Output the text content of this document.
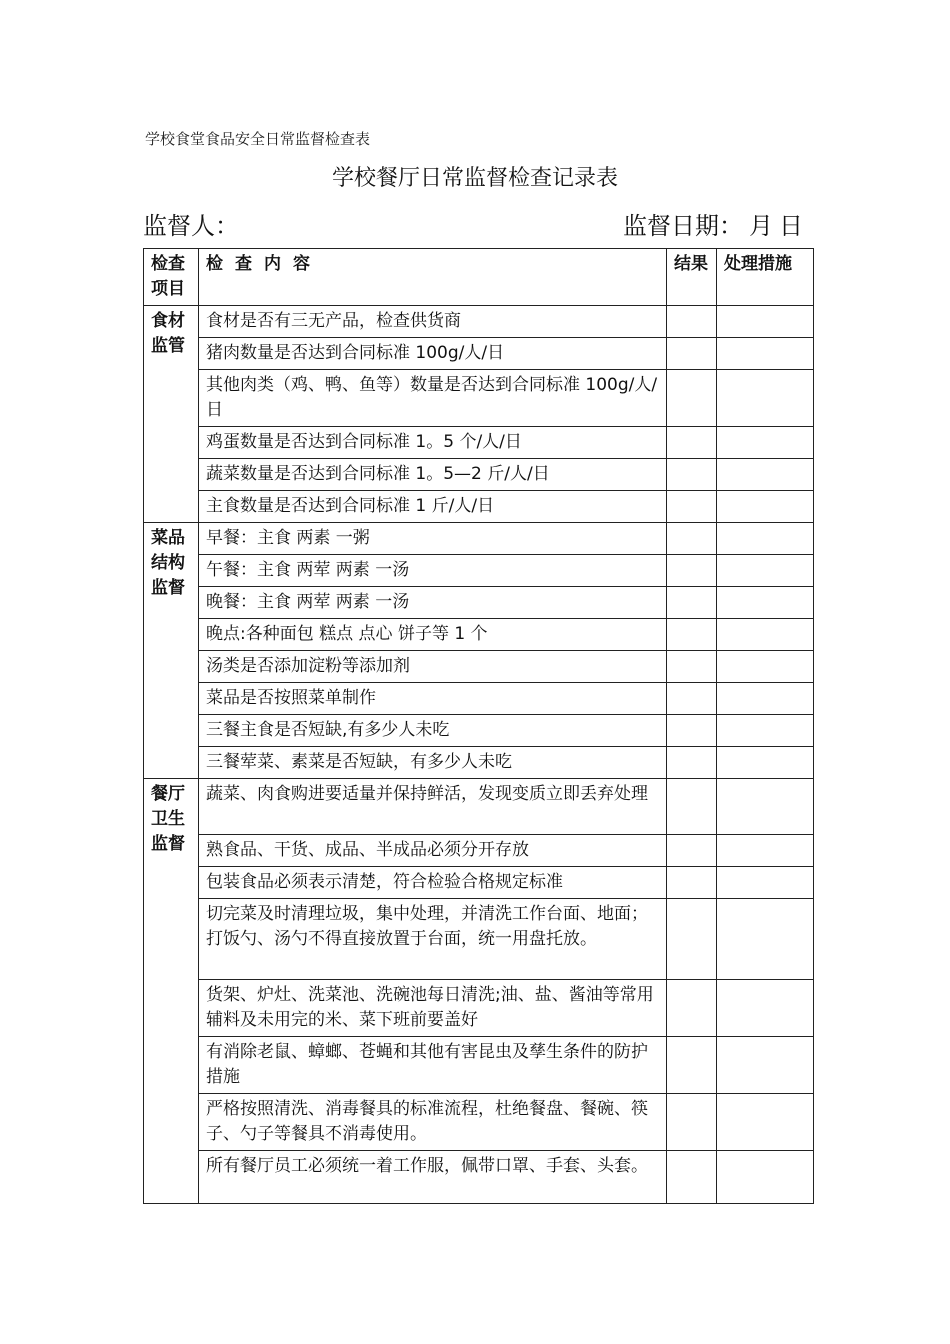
学校食堂食品安全日常监督检查表
学校餐厅日常监督检查记录表
监督人：	监督日期： 月 日
检查
项目	检 查 内 容	结果	处理措施

食材
监管	食材是否有三无产品，检查供货商		
	猪肉数量是否达到合同标准 100g/人/日		
	其他肉类（鸡、鸭、鱼等）数量是否达到合同标准 100g/人/日		
	鸡蛋数量是否达到合同标准 1。5 个/人/日		
	蔬菜数量是否达到合同标准 1。5—2 斤/人/日		
	主食数量是否达到合同标准 1 斤/人/日		

菜品
结构
监督	早餐：主食 两素 一粥		
	午餐：主食 两荤 两素 一汤		
	晚餐：主食 两荤 两素 一汤		
	晚点:各种面包 糕点 点心 饼子等 1 个		
	汤类是否添加淀粉等添加剂		
	菜品是否按照菜单制作		
	三餐主食是否短缺,有多少人未吃		
	三餐荤菜、素菜是否短缺，有多少人未吃		

餐厅
卫生
监督	蔬菜、肉食购进要适量并保持鲜活，发现变质立即丢弃处理		
	熟食品、干货、成品、半成品必须分开存放		
	包装食品必须表示清楚，符合检验合格规定标准		
	切完菜及时清理垃圾，集中处理，并清洗工作台面、地面；打饭勺、汤勺不得直接放置于台面，统一用盘托放。		
	货架、炉灶、洗菜池、洗碗池每日清洗;油、盐、酱油等常用辅料及未用完的米、菜下班前要盖好		
	有消除老鼠、蟑螂、苍蝇和其他有害昆虫及孳生条件的防护措施		
	严格按照清洗、消毒餐具的标准流程，杜绝餐盘、餐碗、筷子、勺子等餐具不消毒使用。		
	所有餐厅员工必须统一着工作服，佩带口罩、手套、头套。		
